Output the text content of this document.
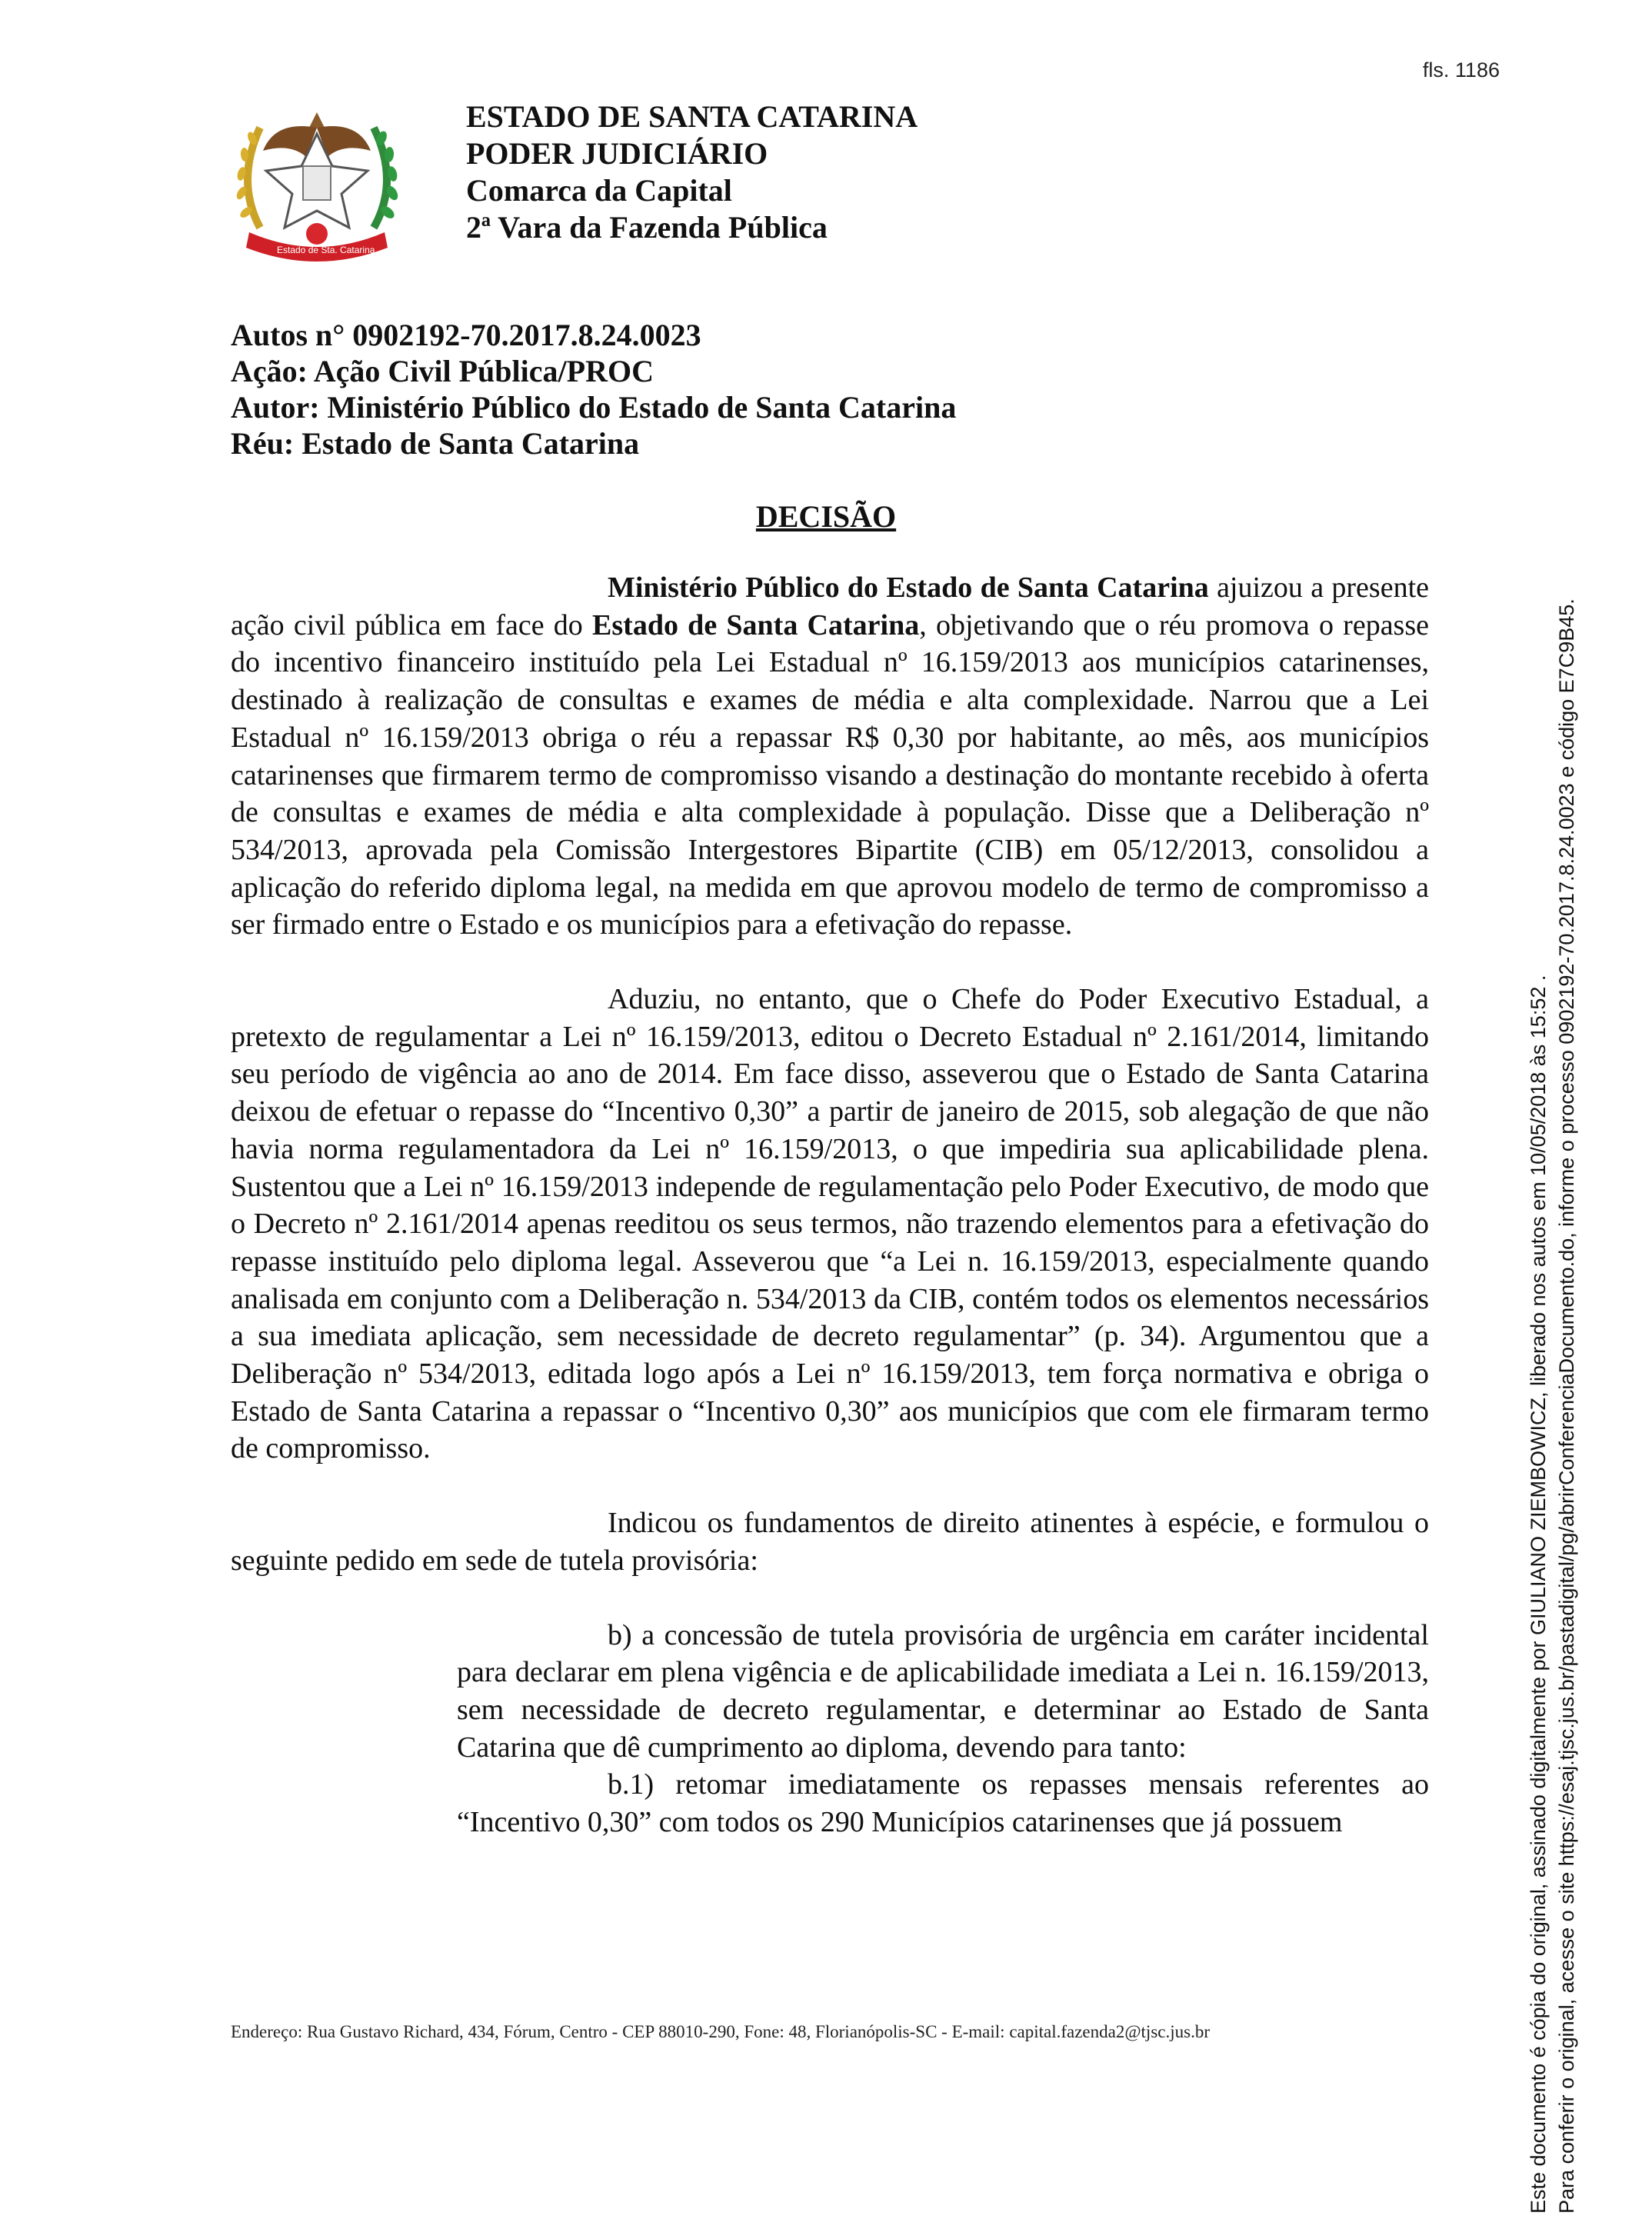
fls. 1186
Estado de Sta. Catarina
ESTADO DE SANTA CATARINA
PODER JUDICIÁRIO
Comarca da Capital
2ª Vara da Fazenda Pública
Autos n° 0902192-70.2017.8.24.0023
Ação: Ação Civil Pública/PROC
Autor: Ministério Público do Estado de Santa Catarina
Réu: Estado de Santa Catarina
DECISÃO

Ministério Público do Estado de Santa Catarina ajuizou a presente ação civil pública em face do Estado de Santa Catarina, objetivando que o réu promova o repasse do incentivo financeiro instituído pela Lei Estadual nº 16.159/2013 aos municípios catarinenses, destinado à realização de consultas e exames de média e alta complexidade. Narrou que a Lei Estadual nº 16.159/2013 obriga o réu a repassar R$ 0,30 por habitante, ao mês, aos municípios catarinenses que firmarem termo de compromisso visando a destinação do montante recebido à oferta de consultas e exames de média e alta complexidade à população. Disse que a Deliberação nº 534/2013, aprovada pela Comissão Intergestores Bipartite (CIB) em 05/12/2013, consolidou a aplicação do referido diploma legal, na medida em que aprovou modelo de termo de compromisso a ser firmado entre o Estado e os municípios para a efetivação do repasse.

Aduziu, no entanto, que o Chefe do Poder Executivo Estadual, a pretexto de regulamentar a Lei nº 16.159/2013, editou o Decreto Estadual nº 2.161/2014, limitando seu período de vigência ao ano de 2014. Em face disso, asseverou que o Estado de Santa Catarina deixou de efetuar o repasse do “Incentivo 0,30” a partir de janeiro de 2015, sob alegação de que não havia norma regulamentadora da Lei nº 16.159/2013, o que impediria sua aplicabilidade plena. Sustentou que a Lei nº 16.159/2013 independe de regulamentação pelo Poder Executivo, de modo que o Decreto nº 2.161/2014 apenas reeditou os seus termos, não trazendo elementos para a efetivação do repasse instituído pelo diploma legal. Asseverou que “a Lei n. 16.159/2013, especialmente quando analisada em conjunto com a Deliberação n. 534/2013 da CIB, contém todos os elementos necessários a sua imediata aplicação, sem necessidade de decreto regulamentar” (p. 34). Argumentou que a Deliberação nº 534/2013, editada logo após a Lei nº 16.159/2013, tem força normativa e obriga o Estado de Santa Catarina a repassar o “Incentivo 0,30” aos municípios que com ele firmaram termo de compromisso.

Indicou os fundamentos de direito atinentes à espécie, e formulou o seguinte pedido em sede de tutela provisória:

b) a concessão de tutela provisória de urgência em caráter incidental para declarar em plena vigência e de aplicabilidade imediata a Lei n. 16.159/2013, sem necessidade de decreto regulamentar, e determinar ao Estado de Santa Catarina que dê cumprimento ao diploma, devendo para tanto:

b.1) retomar imediatamente os repasses mensais referentes ao “Incentivo 0,30” com todos os 290 Municípios catarinenses que já possuem

Endereço: Rua Gustavo Richard, 434, Fórum, Centro - CEP 88010-290, Fone: 48, Florianópolis-SC - E-mail: capital.fazenda2@tjsc.jus.br	Este documento é cópia do original, assinado digitalmente por GIULIANO ZIEMBOWICZ, liberado nos autos em 10/05/2018 às 15:52 . Para conferir o original, acesse o site https://esaj.tjsc.jus.br/pastadigital/pg/abrirConferenciaDocumento.do, informe o processo 0902192-70.2017.8.24.0023 e código E7C9B45.
